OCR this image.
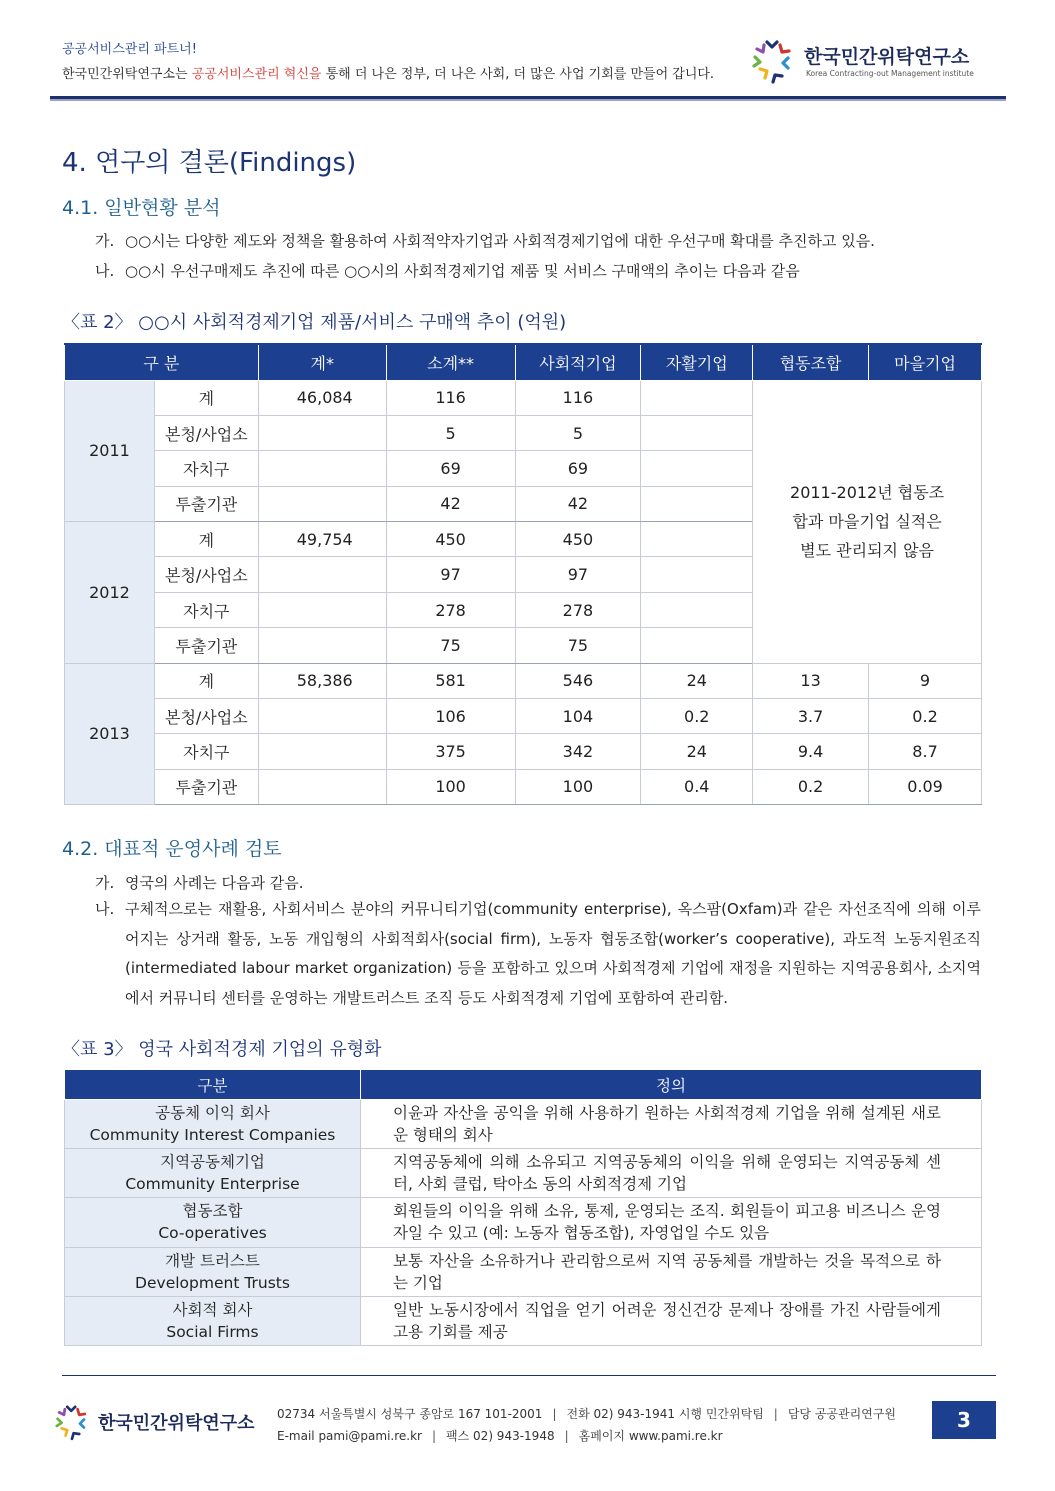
공공서비스관리 파트너!
한국민간위탁연구소는 공공서비스관리 혁신을 통해 더 나은 정부, 더 나은 사회, 더 많은 사업 기회를 만들어 갑니다.
한국민간위탁연구소
Korea Contracting-out Management institute
4. 연구의 결론(Findings)
4.1. 일반현황 분석
가. ○○시는 다양한 제도와 정책을 활용하여 사회적약자기업과 사회적경제기업에 대한 우선구매 확대를 추진하고 있음.
나. ○○시 우선구매제도 추진에 따른 ○○시의 사회적경제기업 제품 및 서비스 구매액의 추이는 다음과 같음
〈표 2〉 ○○시 사회적경제기업 제품/서비스 구매액 추이 (억원)
구 분		계*	소계**	사회적기업	자활기업	협동조합	마을기업
2011	계	46,084	116	116		2011-2012년 협동조합과 마을기업 실적은 별도 관리되지 않음	
	본청/사업소		5	5			
	자치구		69	69			
	투출기관		42	42			
2012	계	49,754	450	450			
	본청/사업소		97	97			
	자치구		278	278			
	투출기관		75	75			
2013	계	58,386	581	546	24	13	9
	본청/사업소		106	104	0.2	3.7	0.2
	자치구		375	342	24	9.4	8.7
	투출기관		100	100	0.4	0.2	0.09
4.2. 대표적 운영사례 검토
가. 영국의 사례는 다음과 같음.
나. 구체적으로는 재활용, 사회서비스 분야의 커뮤니티기업(community enterprise), 옥스팜(Oxfam)과 같은 자선조직에 의해 이루어지는 상거래 활동, 노동 개입형의 사회적회사(social firm), 노동자 협동조합(worker’s cooperative), 과도적 노동지원조직(intermediated labour market organization) 등을 포함하고 있으며 사회적경제 기업에 재정을 지원하는 지역공용회사, 소지역에서 커뮤니티 센터를 운영하는 개발트러스트 조직 등도 사회적경제 기업에 포함하여 관리함.
〈표 3〉 영국 사회적경제 기업의 유형화
구분	정의

공동체 이익 회사
Community Interest Companies	이윤과 자산을 공익을 위해 사용하기 원하는 사회적경제 기업을 위해 설계된 새로운 형태의 회사

지역공동체기업
Community Enterprise	지역공동체에 의해 소유되고 지역공동체의 이익을 위해 운영되는 지역공동체 센터, 사회 클럽, 탁아소 동의 사회적경제 기업

협동조합
Co-operatives	회원들의 이익을 위해 소유, 통제, 운영되는 조직. 회원들이 피고용 비즈니스 운영자일 수 있고 (예: 노동자 협동조합), 자영업일 수도 있음

개발 트러스트
Development Trusts	보통 자산을 소유하거나 관리함으로써 지역 공동체를 개발하는 것을 목적으로 하는 기업

사회적 회사
Social Firms	일반 노동시장에서 직업을 얻기 어려운 정신건강 문제나 장애를 가진 사람들에게 고용 기회를 제공
한국민간위탁연구소 02734 서울특별시 성북구 종암로 167 101-2001 | 전화 02) 943-1941 시행 민간위탁팀 | 담당 공공관리연구원
E-mail pami@pami.re.kr | 팩스 02) 943-1948 | 홈페이지 www.pami.re.kr
3
